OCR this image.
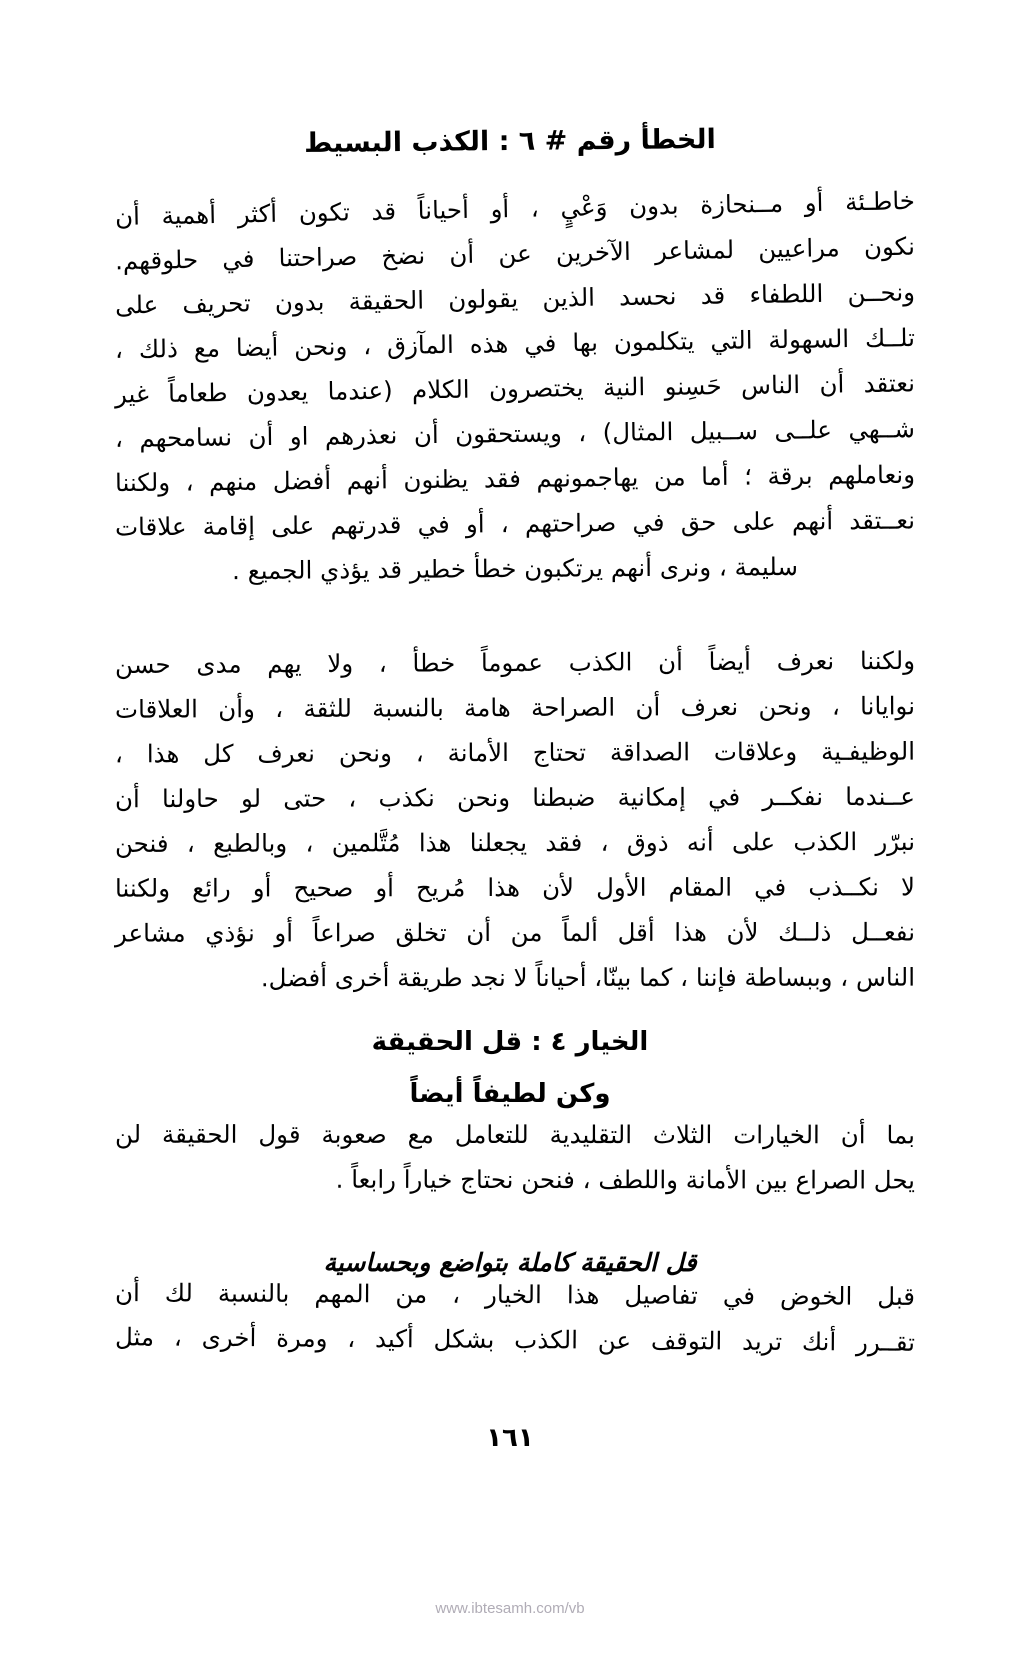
الخطأ رقم # ٦ : الكذب البسيط
خاطـئة أو مــنحازة بدون وَعْيٍ ، أو أحياناً قد تكون أكثر أهمية أن
نكون مراعيين لمشاعر الآخرين عن أن نضخ صراحتنا في حلوقهم.
ونحــن اللطفاء قد نحسد الذين يقولون الحقيقة بدون تحريف على
تلــك السهولة التي يتكلمون بها في هذه المآزق ، ونحن أيضا مع ذلك ،
نعتقد أن الناس حَسِنو النية يختصرون الكلام (عندما يعدون طعاماً غير
شــهي علــى ســبيل المثال) ، ويستحقون أن نعذرهم او أن نسامحهم ،
ونعاملهم برقة ؛ أما من يهاجمونهم فقد يظنون أنهم أفضل منهم ، ولكننا
نعــتقد أنهم على حق في صراحتهم ، أو في قدرتهم على إقامة علاقات
سليمة ، ونرى أنهم يرتكبون خطأ خطير قد يؤذي الجميع .
ولكننا نعرف أيضاً أن الكذب عموماً خطأ ، ولا يهم مدى حسن
نوايانا ، ونحن نعرف أن الصراحة هامة بالنسبة للثقة ، وأن العلاقات
الوظيفـية وعلاقات الصداقة تحتاج الأمانة ، ونحن نعرف كل هذا ،
عــندما نفكــر في إمكانية ضبطنا ونحن نكذب ، حتى لو حاولنا أن
نبرّر الكذب على أنه ذوق ، فقد يجعلنا هذا مُتَّلمين ، وبالطبع ، فنحن
لا نكــذب في المقام الأول لأن هذا مُريح أو صحيح أو رائع ولكننا
نفعــل ذلــك لأن هذا أقل ألماً من أن تخلق صراعاً أو نؤذي مشاعر
الناس ، وببساطة فإننا ، كما بينّا، أحياناً لا نجد طريقة أخرى أفضل.
الخيار ٤ : قل الحقيقة
وكن لطيفاً أيضاً
بما أن الخيارات الثلاث التقليدية للتعامل مع صعوبة قول الحقيقة لن
يحل الصراع بين الأمانة واللطف ، فنحن نحتاج خياراً رابعاً .
قل الحقيقة كاملة بتواضع وبحساسية
قبل الخوض في تفاصيل هذا الخيار ، من المهم بالنسبة لك أن
تقــرر أنك تريد التوقف عن الكذب بشكل أكيد ، ومرة أخرى ، مثل
١٦١
www.ibtesamh.com/vb
